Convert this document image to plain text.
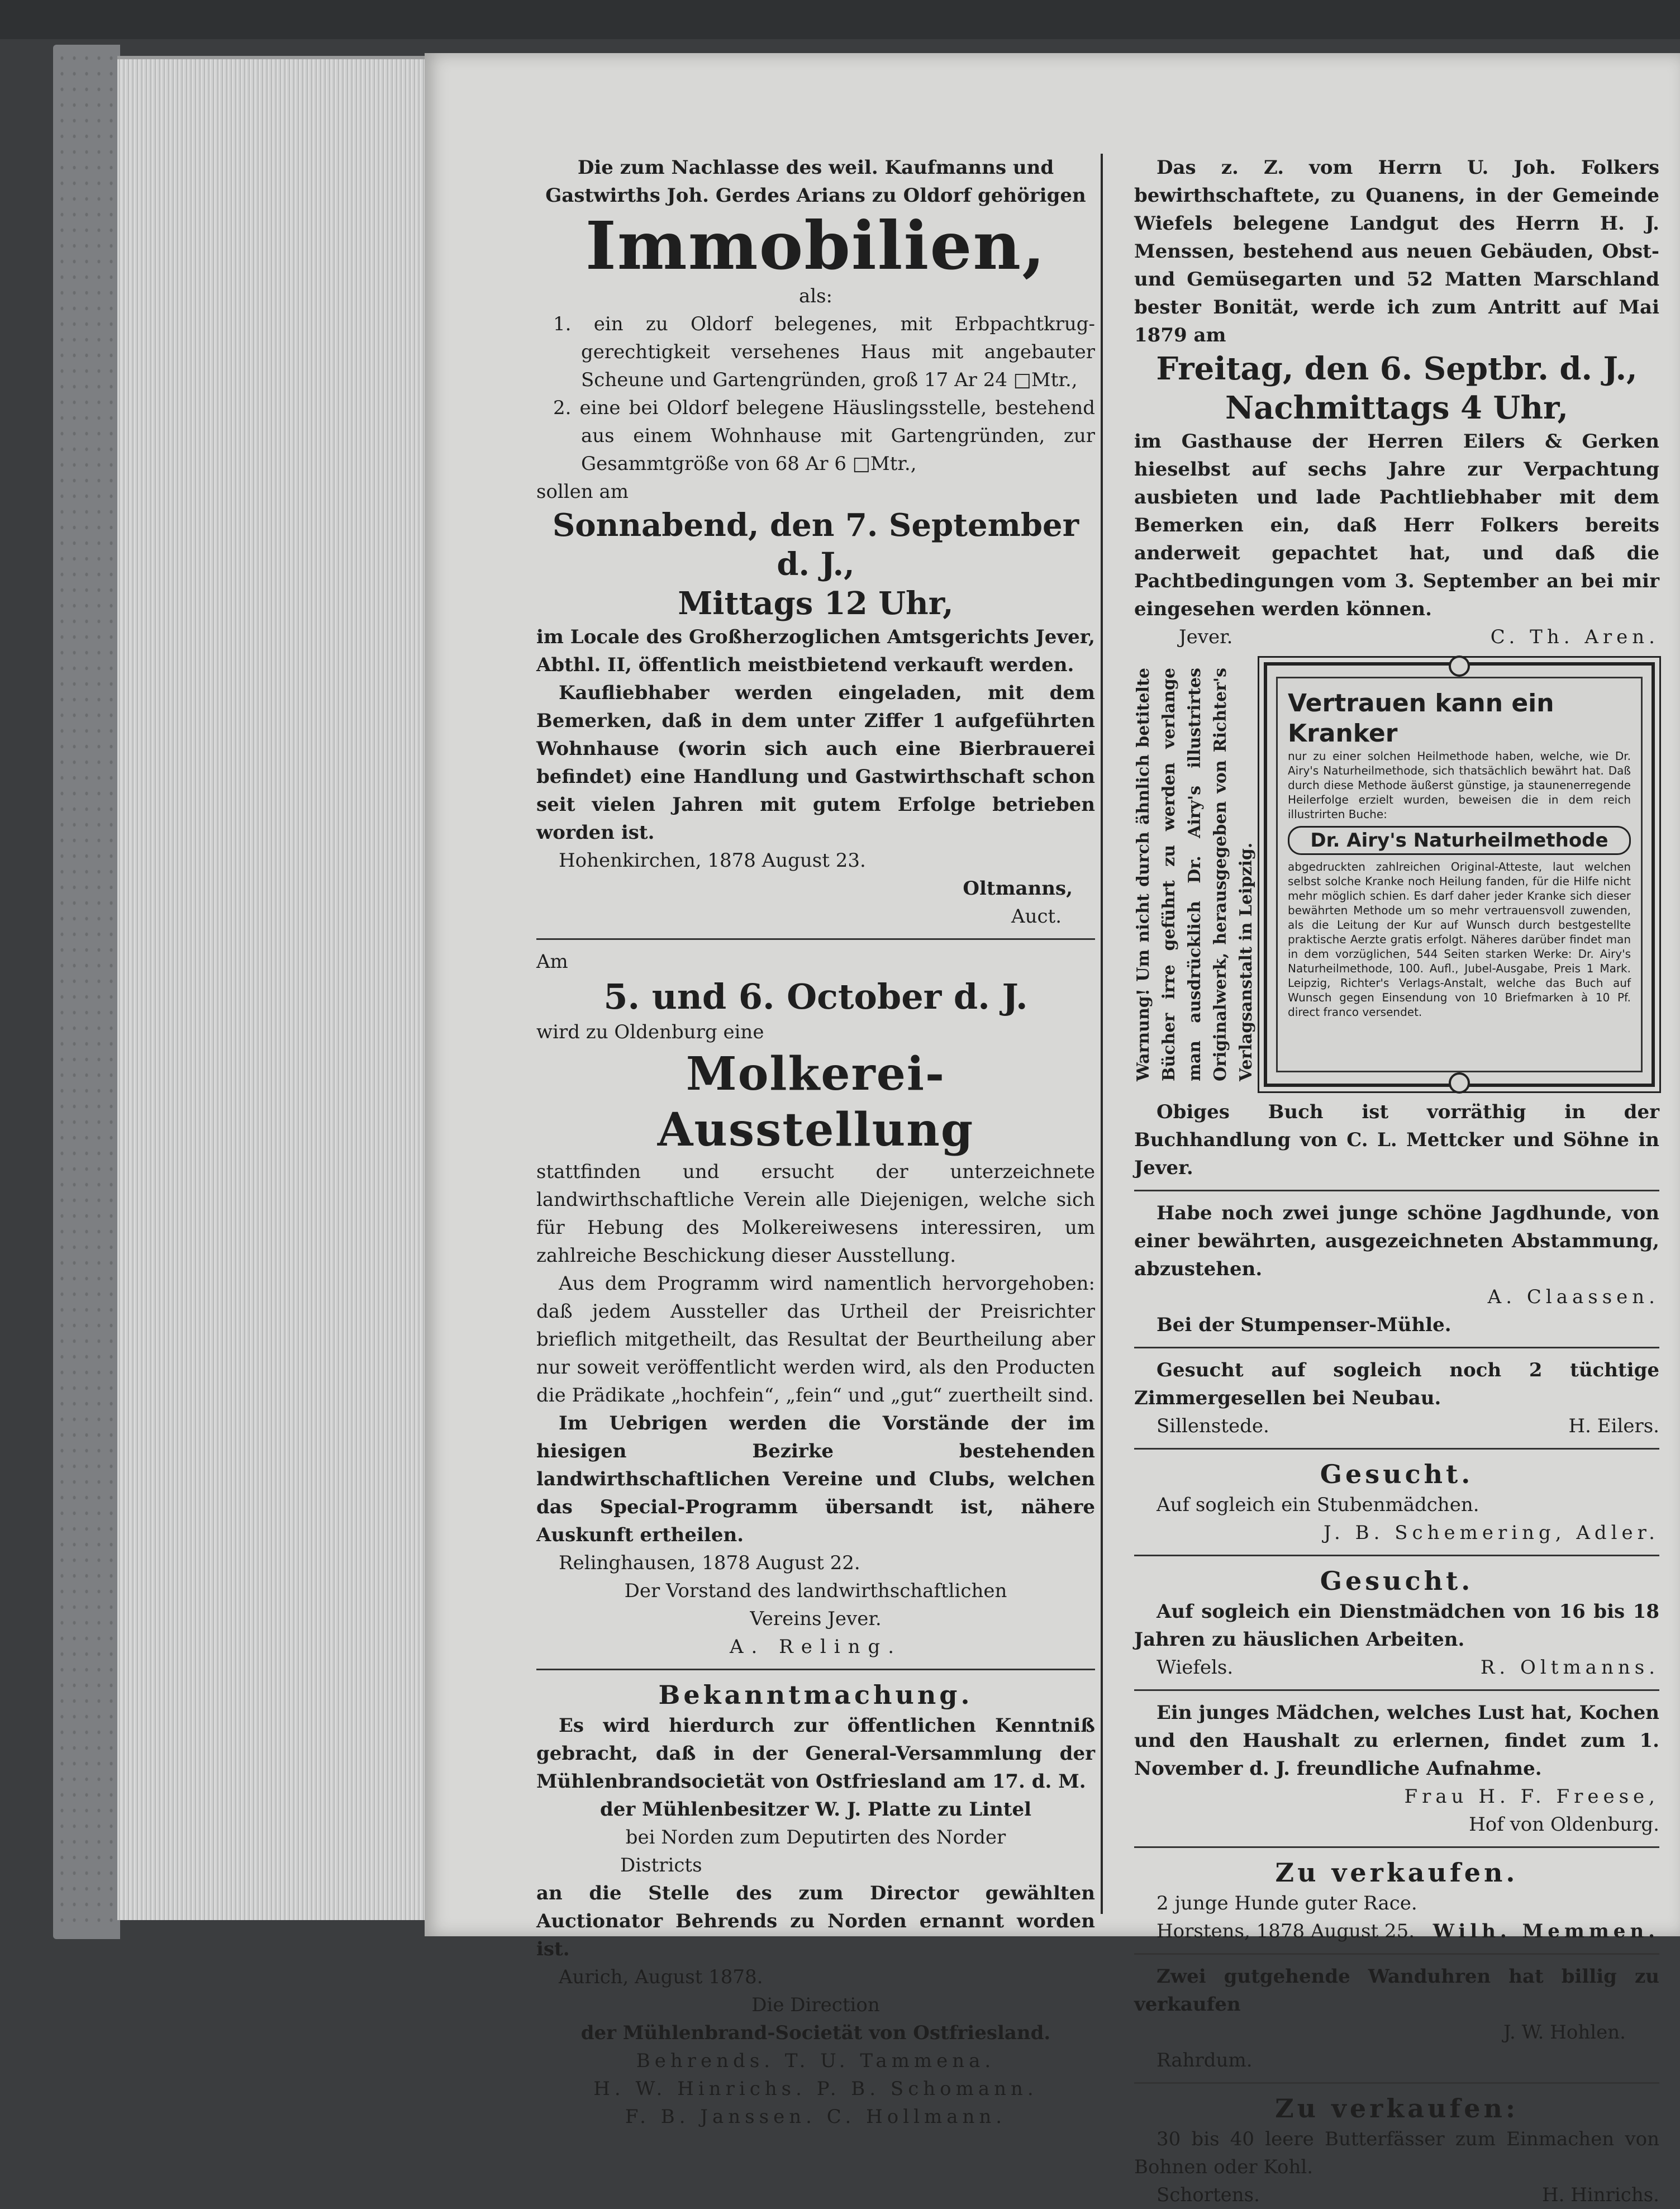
Die zum Nachlasse des weil. Kaufmanns und Gastwirths Joh. Gerdes Arians zu Oldorf gehörigen

Immobilien,

als:

1. ein zu Oldorf belegenes, mit Erbpachtkrug-gerechtigkeit versehenes Haus mit angebauter Scheune und Gartengründen, groß 17 Ar 24 □Mtr.,

2. eine bei Oldorf belegene Häuslingsstelle, bestehend aus einem Wohnhause mit Gartengründen, zur Gesammtgröße von 68 Ar 6 □Mtr.,

sollen am

Sonnabend, den 7. September d. J.,

Mittags 12 Uhr,

im Locale des Großherzoglichen Amtsgerichts Jever, Abthl. II, öffentlich meistbietend verkauft werden.

Kaufliebhaber werden eingeladen, mit dem Bemerken, daß in dem unter Ziffer 1 aufgeführten Wohnhause (worin sich auch eine Bierbrauerei befindet) eine Handlung und Gastwirthschaft schon seit vielen Jahren mit gutem Erfolge betrieben worden ist.

Hohenkirchen, 1878 August 23.

Oltmanns,

Auct.

Am

5. und 6. October d. J.

wird zu Oldenburg eine

Molkerei-Ausstellung

stattfinden und ersucht der unterzeichnete landwirthschaftliche Verein alle Diejenigen, welche sich für Hebung des Molkereiwesens interessiren, um zahlreiche Beschickung dieser Ausstellung.

Aus dem Programm wird namentlich hervorgehoben: daß jedem Aussteller das Urtheil der Preisrichter brieflich mitgetheilt, das Resultat der Beurtheilung aber nur soweit veröffentlicht werden wird, als den Producten die Prädikate „hochfein“, „fein“ und „gut“ zuertheilt sind.

Im Uebrigen werden die Vorstände der im hiesigen Bezirke bestehenden landwirthschaftlichen Vereine und Clubs, welchen das Special-Programm übersandt ist, nähere Auskunft ertheilen.

Relinghausen, 1878 August 22.

Der Vorstand des landwirthschaftlichen Vereins Jever.

A. Reling.

Bekanntmachung.

Es wird hierdurch zur öffentlichen Kenntniß gebracht, daß in der General-Versammlung der Mühlenbrandsocietät von Ostfriesland am 17. d. M.

der Mühlenbesitzer W. J. Platte zu Lintel

bei Norden zum Deputirten des Norder

Districts

an die Stelle des zum Director gewählten Auctionator Behrends zu Norden ernannt worden ist.

Aurich, August 1878.

Die Direction

der Mühlenbrand-Societät von Ostfriesland.

Behrends. T. U. Tammena.

H. W. Hinrichs. P. B. Schomann.

F. B. Janssen. C. Hollmann.

Das z. Z. vom Herrn U. Joh. Folkers bewirthschaftete, zu Quanens, in der Gemeinde Wiefels belegene Landgut des Herrn H. J. Menssen, bestehend aus neuen Gebäuden, Obst- und Gemüsegarten und 52 Matten Marschland bester Bonität, werde ich zum Antritt auf Mai 1879 am

Freitag, den 6. Septbr. d. J.,

Nachmittags 4 Uhr,

im Gasthause der Herren Eilers & Gerken hieselbst auf sechs Jahre zur Verpachtung ausbieten und lade Pachtliebhaber mit dem Bemerken ein, daß Herr Folkers bereits anderweit gepachtet hat, und daß die Pachtbedingungen vom 3. September an bei mir eingesehen werden können.

Jever.	C. Th. Aren.
Warnung! Um nicht durch ähnlich betitelte Bücher irre geführt zu werden verlange man ausdrücklich Dr. Airy's illustrirtes Originalwerk, herausgegeben von Richter's Verlagsanstalt in Leipzig.

Vertrauen kann ein Kranker

nur zu einer solchen Heilmethode haben, welche, wie Dr. Airy's Naturheilmethode, sich thatsächlich bewährt hat. Daß durch diese Methode äußerst günstige, ja staunenerregende Heilerfolge erzielt wurden, beweisen die in dem reich illustrirten Buche:

Dr. Airy's Naturheilmethode

abgedruckten zahlreichen Original-Atteste, laut welchen selbst solche Kranke noch Heilung fanden, für die Hilfe nicht mehr möglich schien. Es darf daher jeder Kranke sich dieser bewährten Methode um so mehr vertrauensvoll zuwenden, als die Leitung der Kur auf Wunsch durch bestgestellte praktische Aerzte gratis erfolgt. Näheres darüber findet man in dem vorzüglichen, 544 Seiten starken Werke: Dr. Airy's Naturheilmethode, 100. Aufl., Jubel-Ausgabe, Preis 1 Mark. Leipzig, Richter's Verlags-Anstalt, welche das Buch auf Wunsch gegen Einsendung von 10 Briefmarken à 10 Pf. direct franco versendet.

Obiges Buch ist vorräthig in der Buchhandlung von C. L. Mettcker und Söhne in Jever.

Habe noch zwei junge schöne Jagdhunde, von einer bewährten, ausgezeichneten Abstammung, abzustehen.

A. Claassen.

Bei der Stumpenser-Mühle.

Gesucht auf sogleich noch 2 tüchtige Zimmergesellen bei Neubau.

Sillenstede.	H. Eilers.

Gesucht.

Auf sogleich ein Stubenmädchen.

J. B. Schemering, Adler.

Gesucht.

Auf sogleich ein Dienstmädchen von 16 bis 18 Jahren zu häuslichen Arbeiten.

Wiefels.	R. Oltmanns.

Ein junges Mädchen, welches Lust hat, Kochen und den Haushalt zu erlernen, findet zum 1. November d. J. freundliche Aufnahme.

Frau H. F. Freese,

Hof von Oldenburg.

Zu verkaufen.

2 junge Hunde guter Race.

Horstens, 1878 August 25. Wilh. Memmen.

Zwei gutgehende Wanduhren hat billig zu verkaufen

J. W. Hohlen.

Rahrdum.

Zu verkaufen:

30 bis 40 leere Butterfässer zum Einmachen von Bohnen oder Kohl.

Schortens.	H. Hinrichs.
